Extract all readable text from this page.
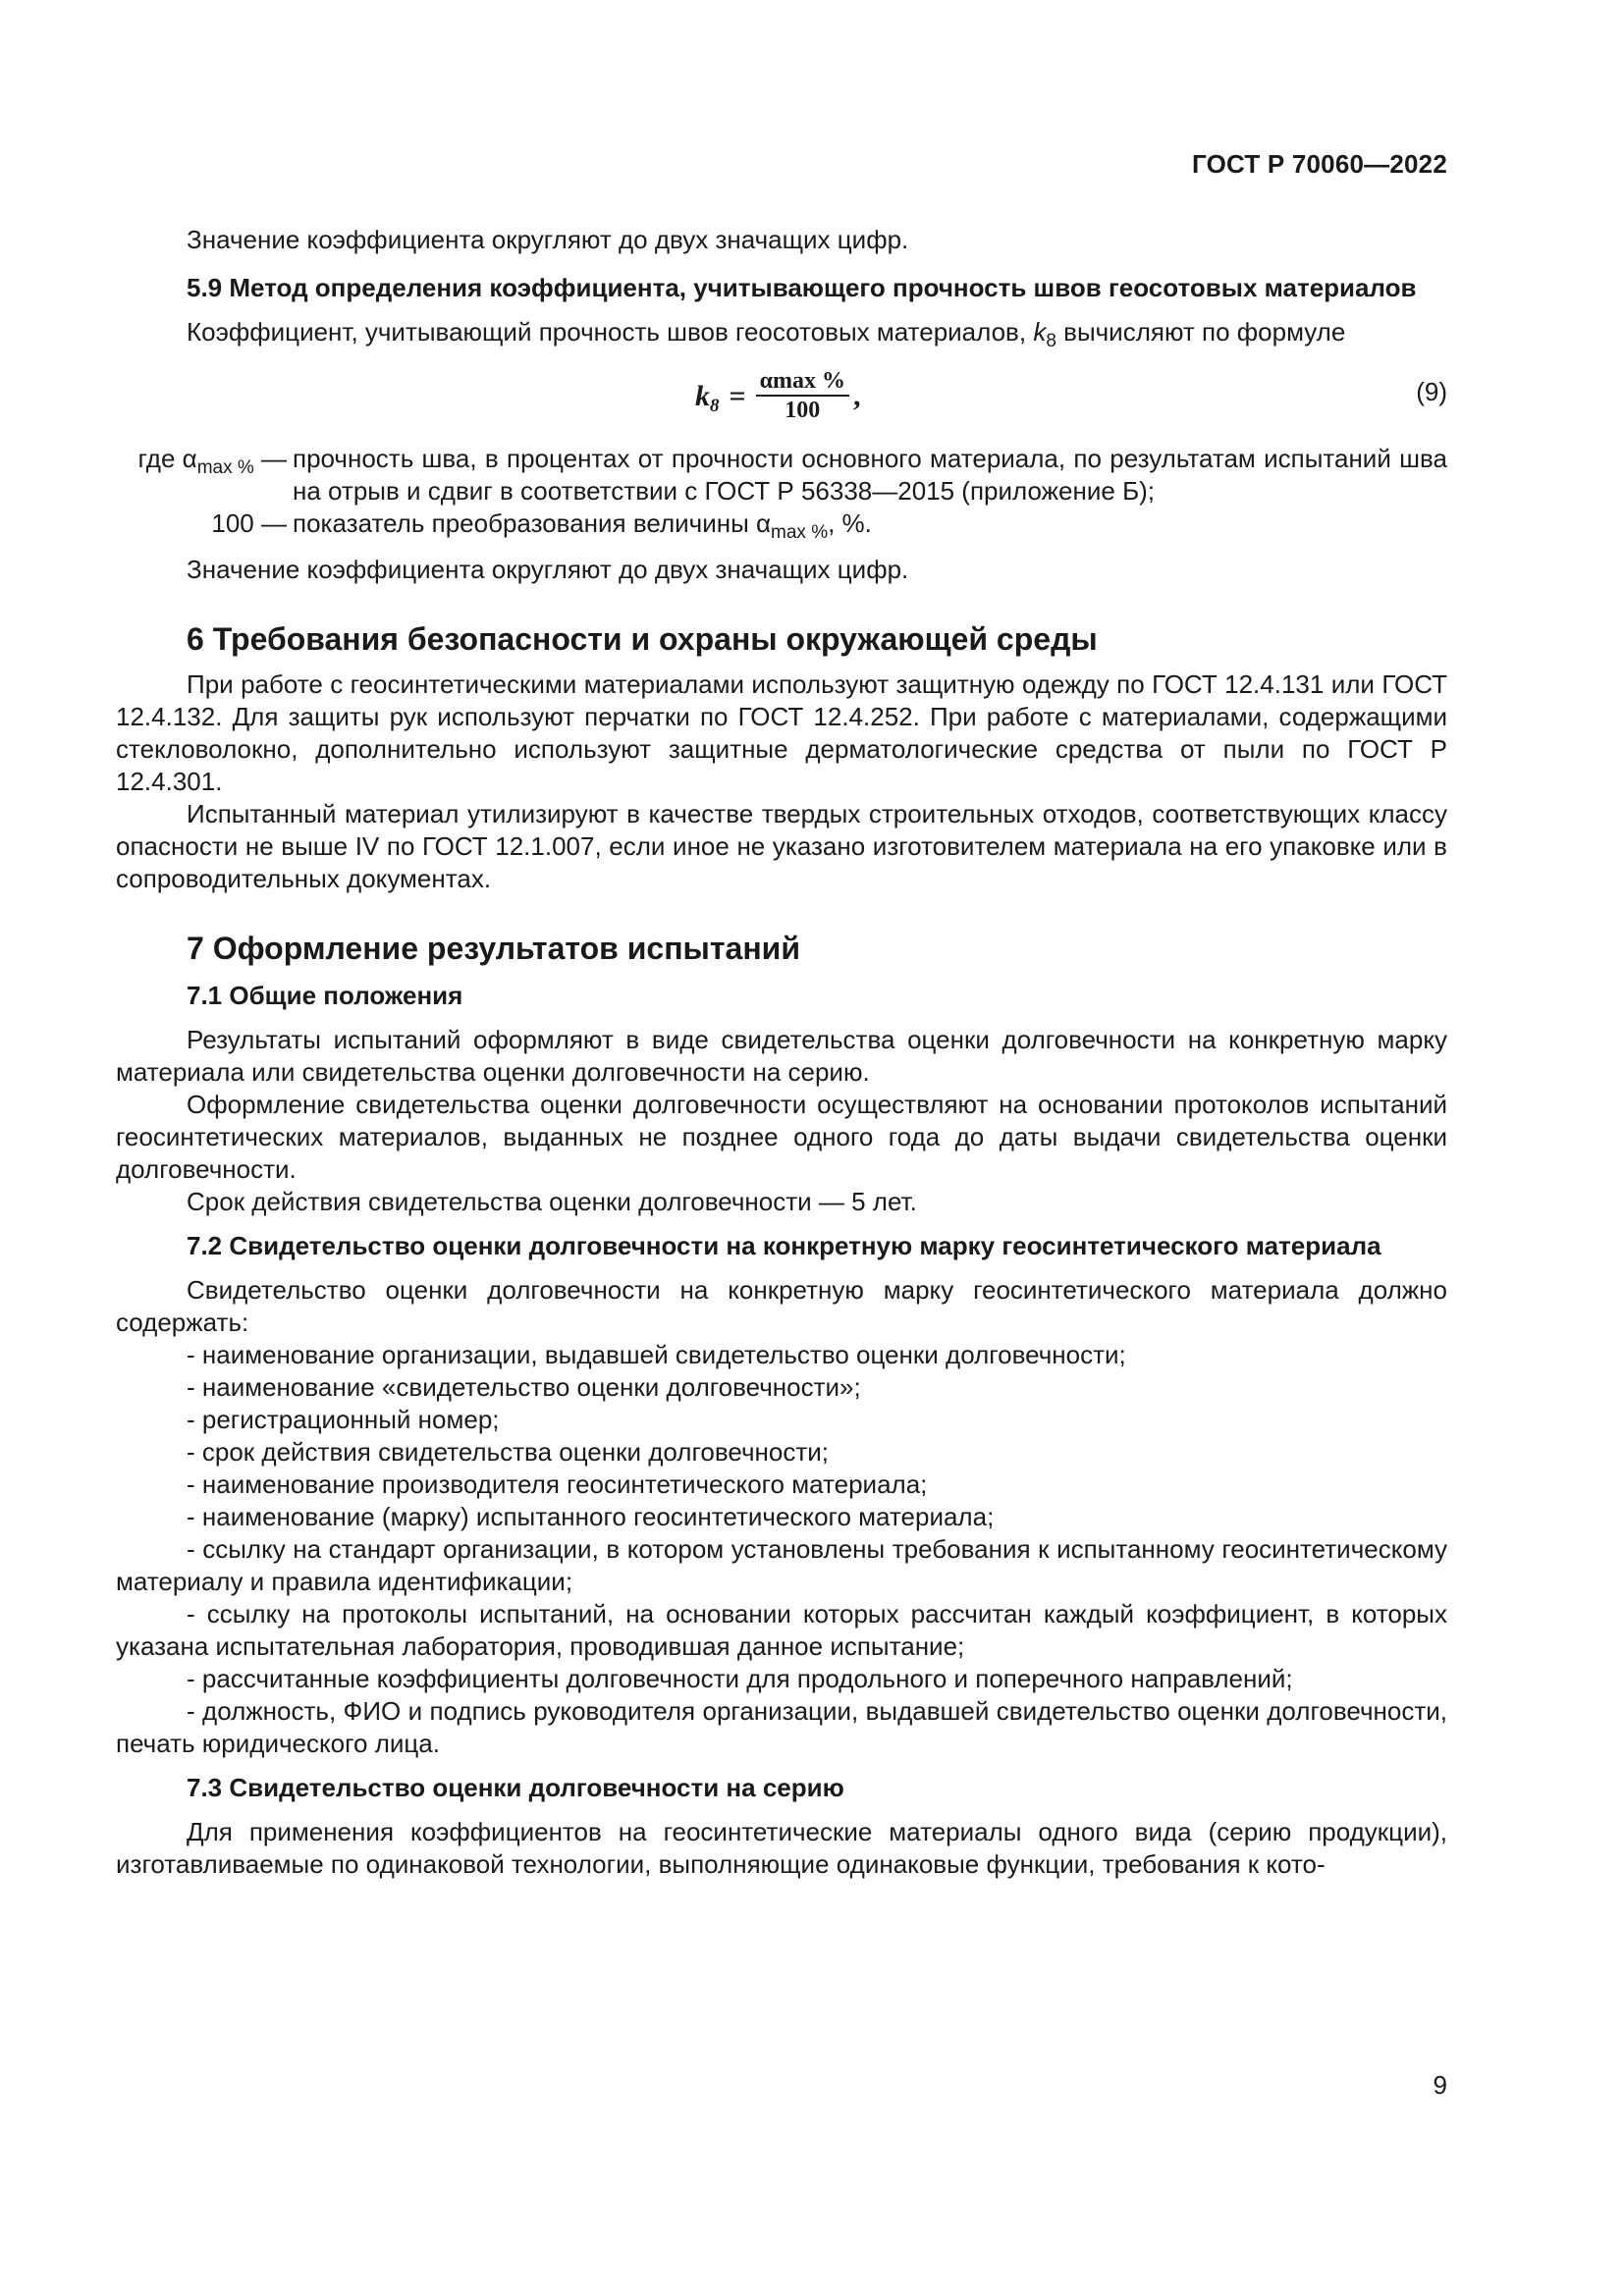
ГОСТ Р 70060—2022

Значение коэффициента округляют до двух значащих цифр.

5.9 Метод определения коэффициента, учитывающего прочность швов геосотовых материалов

Коэффициент, учитывающий прочность швов геосотовых материалов, $k_8$ вычисляют по формуле

$k_8 = \frac{\alpha\max \%}{100}$ ,	(9)
где $\alpha_{max \%}$ — прочность шва, в процентах от прочности основного материала, по результатам испытаний шва на отрыв и сдвиг в соответствии с ГОСТ Р 56338—2015 (приложение Б);
100 — показатель преобразования величины $\alpha_{max \%}$, %.

Значение коэффициента округляют до двух значащих цифр.

6 Требования безопасности и охраны окружающей среды

При работе с геосинтетическими материалами используют защитную одежду по ГОСТ 12.4.131 или ГОСТ 12.4.132. Для защиты рук используют перчатки по ГОСТ 12.4.252. При работе с материалами, содержащими стекловолокно, дополнительно используют защитные дерматологические средства от пыли по ГОСТ Р 12.4.301.

Испытанный материал утилизируют в качестве твердых строительных отходов, соответствующих классу опасности не выше IV по ГОСТ 12.1.007, если иное не указано изготовителем материала на его упаковке или в сопроводительных документах.

7 Оформление результатов испытаний
7.1 Общие положения

Результаты испытаний оформляют в виде свидетельства оценки долговечности на конкретную марку материала или свидетельства оценки долговечности на серию.

Оформление свидетельства оценки долговечности осуществляют на основании протоколов испытаний геосинтетических материалов, выданных не позднее одного года до даты выдачи свидетельства оценки долговечности.

Срок действия свидетельства оценки долговечности — 5 лет.

7.2 Свидетельство оценки долговечности на конкретную марку геосинтетического материала

Свидетельство оценки долговечности на конкретную марку геосинтетического материала должно содержать:

- наименование организации, выдавшей свидетельство оценки долговечности;

- наименование «свидетельство оценки долговечности»;

- регистрационный номер;

- срок действия свидетельства оценки долговечности;

- наименование производителя геосинтетического материала;

- наименование (марку) испытанного геосинтетического материала;

- ссылку на стандарт организации, в котором установлены требования к испытанному геосинтетическому материалу и правила идентификации;

- ссылку на протоколы испытаний, на основании которых рассчитан каждый коэффициент, в которых указана испытательная лаборатория, проводившая данное испытание;

- рассчитанные коэффициенты долговечности для продольного и поперечного направлений;

- должность, ФИО и подпись руководителя организации, выдавшей свидетельство оценки долговечности, печать юридического лица.

7.3 Свидетельство оценки долговечности на серию

Для применения коэффициентов на геосинтетические материалы одного вида (серию продукции), изготавливаемые по одинаковой технологии, выполняющие одинаковые функции, требования к кото-

9
